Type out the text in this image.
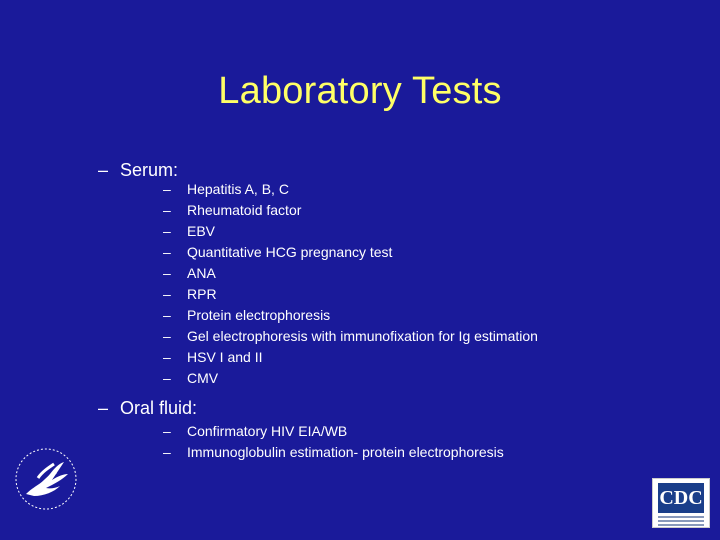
Laboratory Tests
– Serum:
– Hepatitis A, B, C
– Rheumatoid factor
– EBV
– Quantitative HCG pregnancy test
– ANA
– RPR
– Protein electrophoresis
– Gel electrophoresis with immunofixation for Ig estimation
– HSV I and II
– CMV
– Oral fluid:
– Confirmatory HIV EIA/WB
– Immunoglobulin estimation- protein electrophoresis
CDC
